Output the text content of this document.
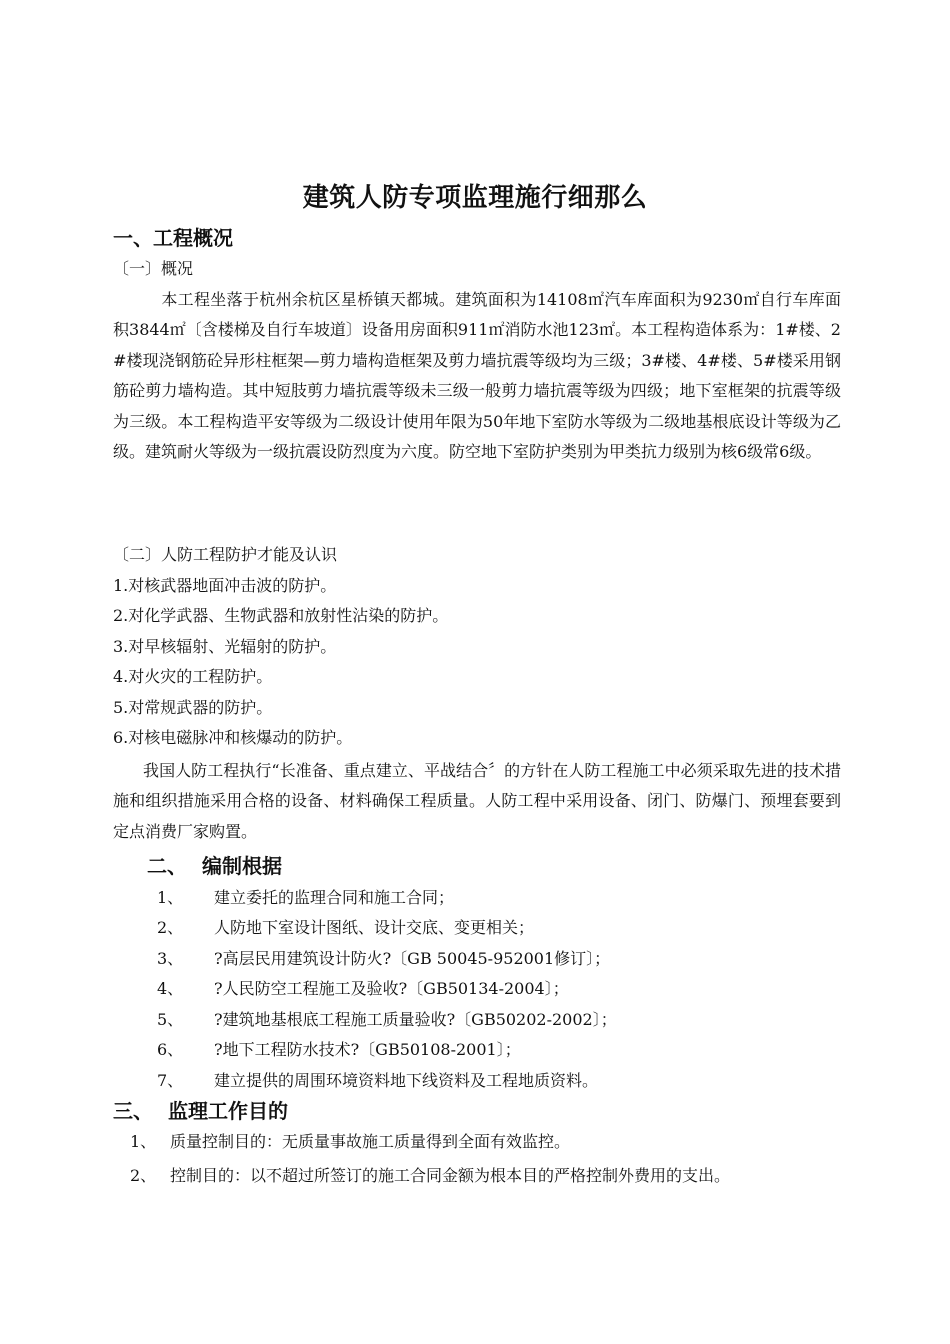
建筑人防专项监理施行细那么
一、工程概况
〔一〕概况
本工程坐落于杭州余杭区星桥镇天都城。建筑面积为14108㎡汽车库面积为9230㎡自行车库面积3844㎡〔含楼梯及自行车坡道〕设备用房面积911㎡消防水池123㎡。本工程构造体系为：1#楼、2#楼现浇钢筋砼异形柱框架—剪力墙构造框架及剪力墙抗震等级均为三级；3#楼、4#楼、5#楼采用钢筋砼剪力墙构造。其中短肢剪力墙抗震等级未三级一般剪力墙抗震等级为四级；地下室框架的抗震等级为三级。本工程构造平安等级为二级设计使用年限为50年地下室防水等级为二级地基根底设计等级为乙级。建筑耐火等级为一级抗震设防烈度为六度。防空地下室防护类别为甲类抗力级别为核6级常6级。
〔二〕人防工程防护才能及认识
1.对核武器地面冲击波的防护。
2.对化学武器、生物武器和放射性沾染的防护。
3.对早核辐射、光辐射的防护。
4.对火灾的工程防护。
5.对常规武器的防护。
6.对核电磁脉冲和核爆动的防护。
我国人防工程执行“长准备、重点建立、平战结合〞的方针在人防工程施工中必须采取先进的技术措施和组织措施采用合格的设备、材料确保工程质量。人防工程中采用设备、闭门、防爆门、预埋套要到定点消费厂家购置。
二、 编制根据
1、 建立委托的监理合同和施工合同；
2、 人防地下室设计图纸、设计交底、变更相关；
3、 ?高层民用建筑设计防火?〔GB 50045-952001修订〕；
4、 ?人民防空工程施工及验收?〔GB50134-2004〕；
5、 ?建筑地基根底工程施工质量验收?〔GB50202-2002〕；
6、 ?地下工程防水技术?〔GB50108-2001〕；
7、 建立提供的周围环境资料地下线资料及工程地质资料。
三、 监理工作目的
1、 质量控制目的：无质量事故施工质量得到全面有效监控。
2、 控制目的：以不超过所签订的施工合同金额为根本目的严格控制外费用的支出。
